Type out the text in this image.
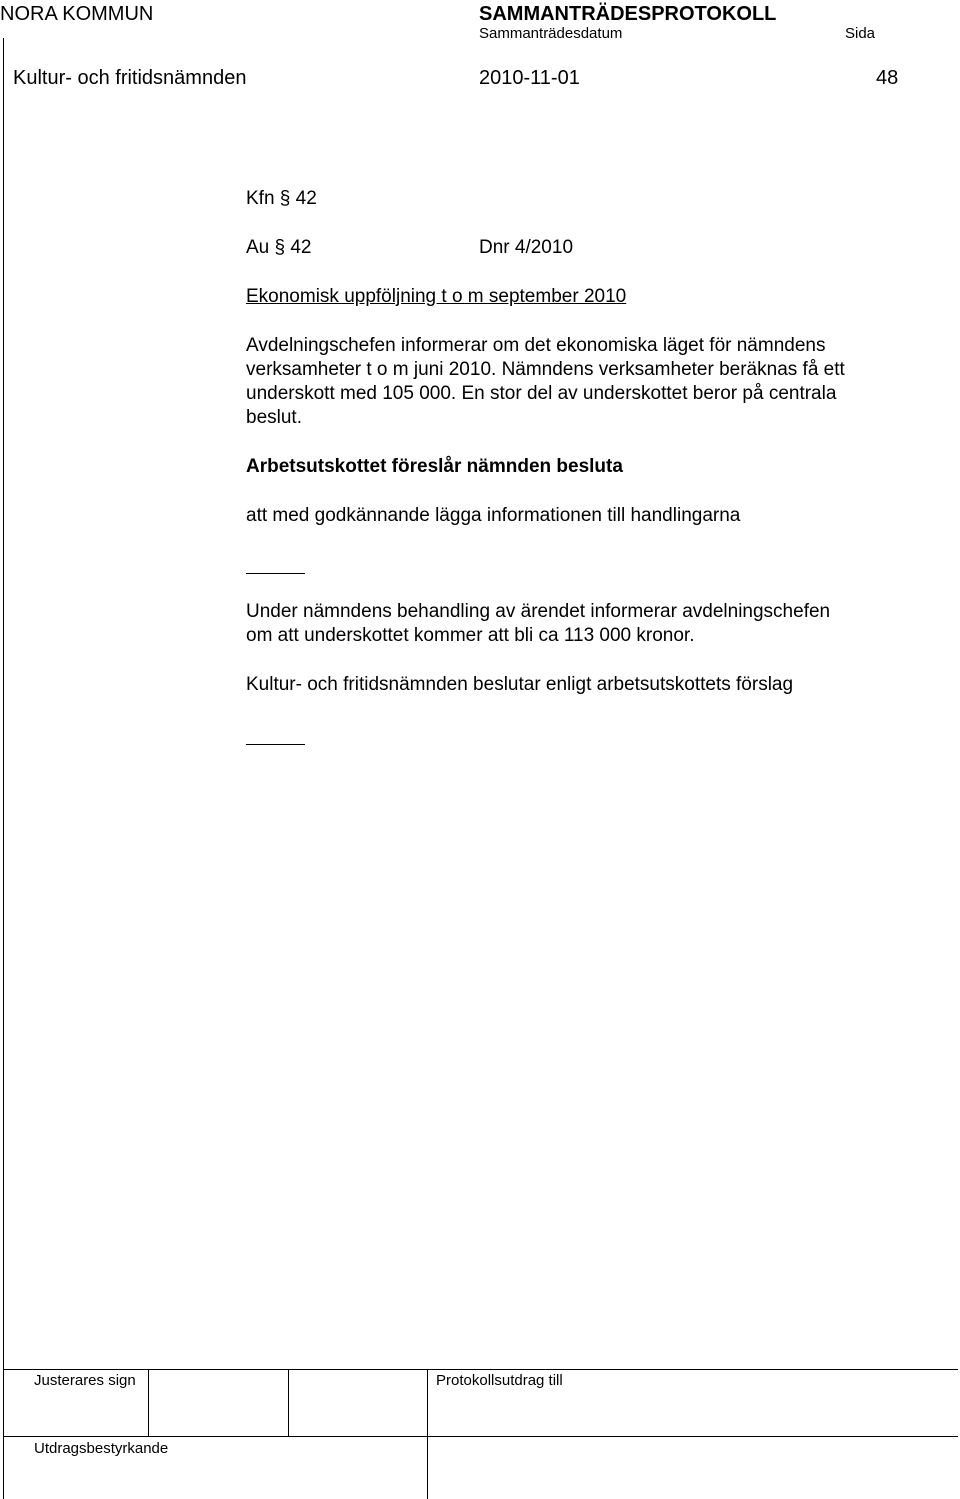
NORA KOMMUN	SAMMANTRÄDESPROTOKOLL
Sammanträdesdatum	Sida
Kultur- och fritidsnämnden	2010-11-01	48
Kfn § 42
Au § 42	Dnr 4/2010
Ekonomisk uppföljning t o m september 2010
Avdelningschefen informerar om det ekonomiska läget för nämndens
verksamheter t o m juni 2010. Nämndens verksamheter beräknas få ett
underskott med 105 000. En stor del av underskottet beror på centrala
beslut.
Arbetsutskottet föreslår nämnden besluta
att med godkännande lägga informationen till handlingarna
Under nämndens behandling av ärendet informerar avdelningschefen
om att underskottet kommer att bli ca 113 000 kronor.
Kultur- och fritidsnämnden beslutar enligt arbetsutskottets förslag
Justerares sign	Protokollsutdrag till
Utdragsbestyrkande
